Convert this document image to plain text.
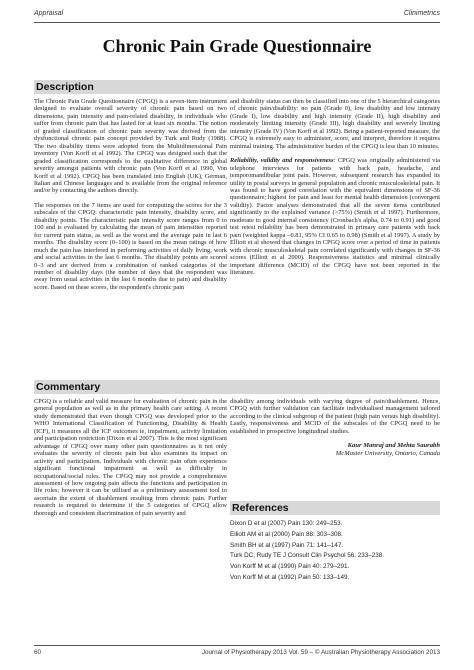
Appraisal	Clinimetrics
Chronic Pain Grade Questionnaire
Description

The Chronic Pain Grade Questionnaire (CPGQ) is a seven-item instrument designed to evaluate overall severity of chronic pain based on two dimensions, pain intensity and pain-related disability, in individuals who suffer from chronic pain that has lasted for at least six months. The notion of graded classification of chronic pain severity was derived from the dysfunctional chronic pain concept provided by Turk and Rudy (1988). The two disability items were adopted from the Multidimensional Pain inventory (Von Korff et al 1992). The CPGQ was designed such that the graded classification corresponds to the qualitative difference in global severity amongst patients with chronic pain (Von Korff et al 1990, Von Korff et al 1992). CPGQ has been translated into English (UK), German, Italian and Chinese languages and is available from the original reference and/or by contacting the authors directly.

The responses on the 7 items are used for computing the scores for the 3 subscales of the CPGQ: characteristic pain intensity, disability score, and disability points. The characteristic pain intensity score ranges from 0 to 100 and is evaluated by calculating the mean of pain intensities reported for current pain status, as well as the worst and the average pain in last 6 months. The disability score (0–100) is based on the mean ratings of how much the pain has interfered in performing activities of daily living, work and social activities in the last 6 months. The disability points are scored 0–3 and are derived from a combination of ranked categories of the number of disability days (the number of days that the respondent was away from usual activities in the last 6 months due to pain) and disability score. Based on these scores, the respondent's chronic pain

and disability status can then be classified into one of the 5 hierarchical categories of chronic pain/disability: no pain (Grade 0), low disability and low intensity (Grade I), low disability and high intensity (Grade II), high disability and moderately limiting intensity (Grade III), high disability and severely limiting intensity (Grade IV) (Von Korff et al 1992). Being a patient-reported measure, the CPGQ is extremely easy to administer, score, and interpret, therefore it requires minimal training. The administrative burden of the CPGQ is less than 10 minutes.

Reliability, validity and responsiveness: CPGQ was originally administered via telephone interviews for patients with back pain, headache, and temporomandibular joint pain. However, subsequent research has expanded its utility in postal surveys in general population and chronic musculoskeletal pain. It was found to have good correlation with the equivalent dimensions of SF-36 questionnaire; highest for pain and least for mental health dimension (convergent validity). Factor analyses demonstrated that all the seven items contributed significantly to the explained variance (>75%) (Smith et al 1997). Furthermore, moderate to good internal consistency (Cronbach's alpha, 0.74 to 0.91) and good test retest reliability has been demonstrated in primary care patients with back pain (weighted kappa –0.81, 95% CI 0.65 to 0.98) (Smith et al 1997). A study by Elliott et al showed that changes in CPGQ score over a period of time in patients with chronic musculoskeletal pain correlated significantly with changes in SF-36 scores (Elliott et al 2000). Responsiveness statistics and minimal clinically important difference (MCID) of the CPGQ have not been reported in the literature.

Commentary

CPGQ is a reliable and valid measure for evaluation of chronic pain in the general population as well as in the primary health care setting. A recent study demonstrated that even though CPGQ was developed prior to the WHO International Classification of Functioning, Disability & Health (ICF), it measures all the ICF outcomes ie, impairment, activity limitation and participation restriction (Dixon et al 2007). This is the most significant advantage of CPGQ over many other pain questionnaires as it not only evaluates the severity of chronic pain but also examines its impact on activity and participation. Individuals with chronic pain often experience significant functional impairment as well as difficulty in occupational/social roles. The CPGQ may not provide a comprehensive assessment of how ongoing pain affects the functions and participation in life roles; however it can be utilised as a preliminary assessment tool to ascertain the extent of disablement resulting from chronic pain. Further research is required to determine if the 5 categories of CPGQ allow thorough and consistent discrimination of pain severity and

disability among individuals with varying degree of pain/disablement. Hence, CPGQ with further validation can facilitate individualised management tailored according to the clinical subgroup of the patient (high pain versus high disability). Lastly, responsiveness and MCID of the subscales of the CPGQ need to be established in prospective longitudinal studies.

Kaur Manraj and Mehta Saurabh
McMaster University, Ontario, Canada
References
Dixon D et al (2007) Pain 130: 249–253.
Elliott AM et al (2000) Pain 88: 303–308.
Smith BH et al (1997) Pain 71: 141–147.
Turk DC, Rudy TE J Consult Clin Psychol 56: 233–238.
Von Korff M et al (1990) Pain 40: 279–291.
Von Korff M et al (1992) Pain 50: 133–149.
60	Journal of Physiotherapy 2013 Vol. 59 – © Australian Physiotherapy Association 2013
